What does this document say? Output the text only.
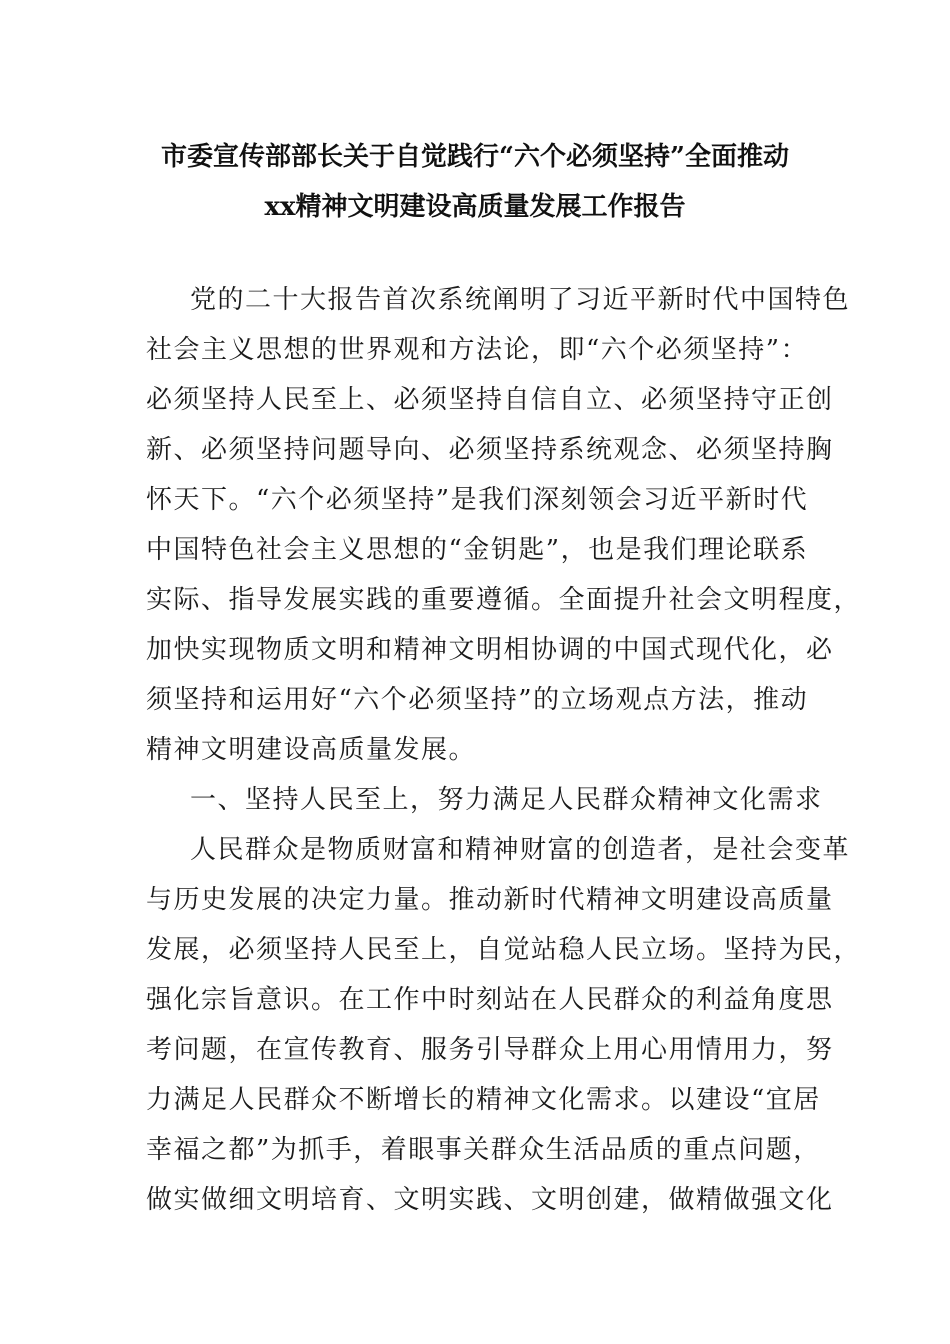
市委宣传部部长关于自觉践行“六个必须坚持”全面推动
xx精神文明建设高质量发展工作报告
党的二十大报告首次系统阐明了习近平新时代中国特色
社会主义思想的世界观和方法论，即“六个必须坚持”：
必须坚持人民至上、必须坚持自信自立、必须坚持守正创
新、必须坚持问题导向、必须坚持系统观念、必须坚持胸
怀天下。“六个必须坚持”是我们深刻领会习近平新时代
中国特色社会主义思想的“金钥匙”，也是我们理论联系
实际、指导发展实践的重要遵循。全面提升社会文明程度，
加快实现物质文明和精神文明相协调的中国式现代化，必
须坚持和运用好“六个必须坚持”的立场观点方法，推动
精神文明建设高质量发展。
一、坚持人民至上，努力满足人民群众精神文化需求
人民群众是物质财富和精神财富的创造者，是社会变革
与历史发展的决定力量。推动新时代精神文明建设高质量
发展，必须坚持人民至上，自觉站稳人民立场。坚持为民，
强化宗旨意识。在工作中时刻站在人民群众的利益角度思
考问题，在宣传教育、服务引导群众上用心用情用力，努
力满足人民群众不断增长的精神文化需求。以建设“宜居
幸福之都”为抓手，着眼事关群众生活品质的重点问题，
做实做细文明培育、文明实践、文明创建，做精做强文化
